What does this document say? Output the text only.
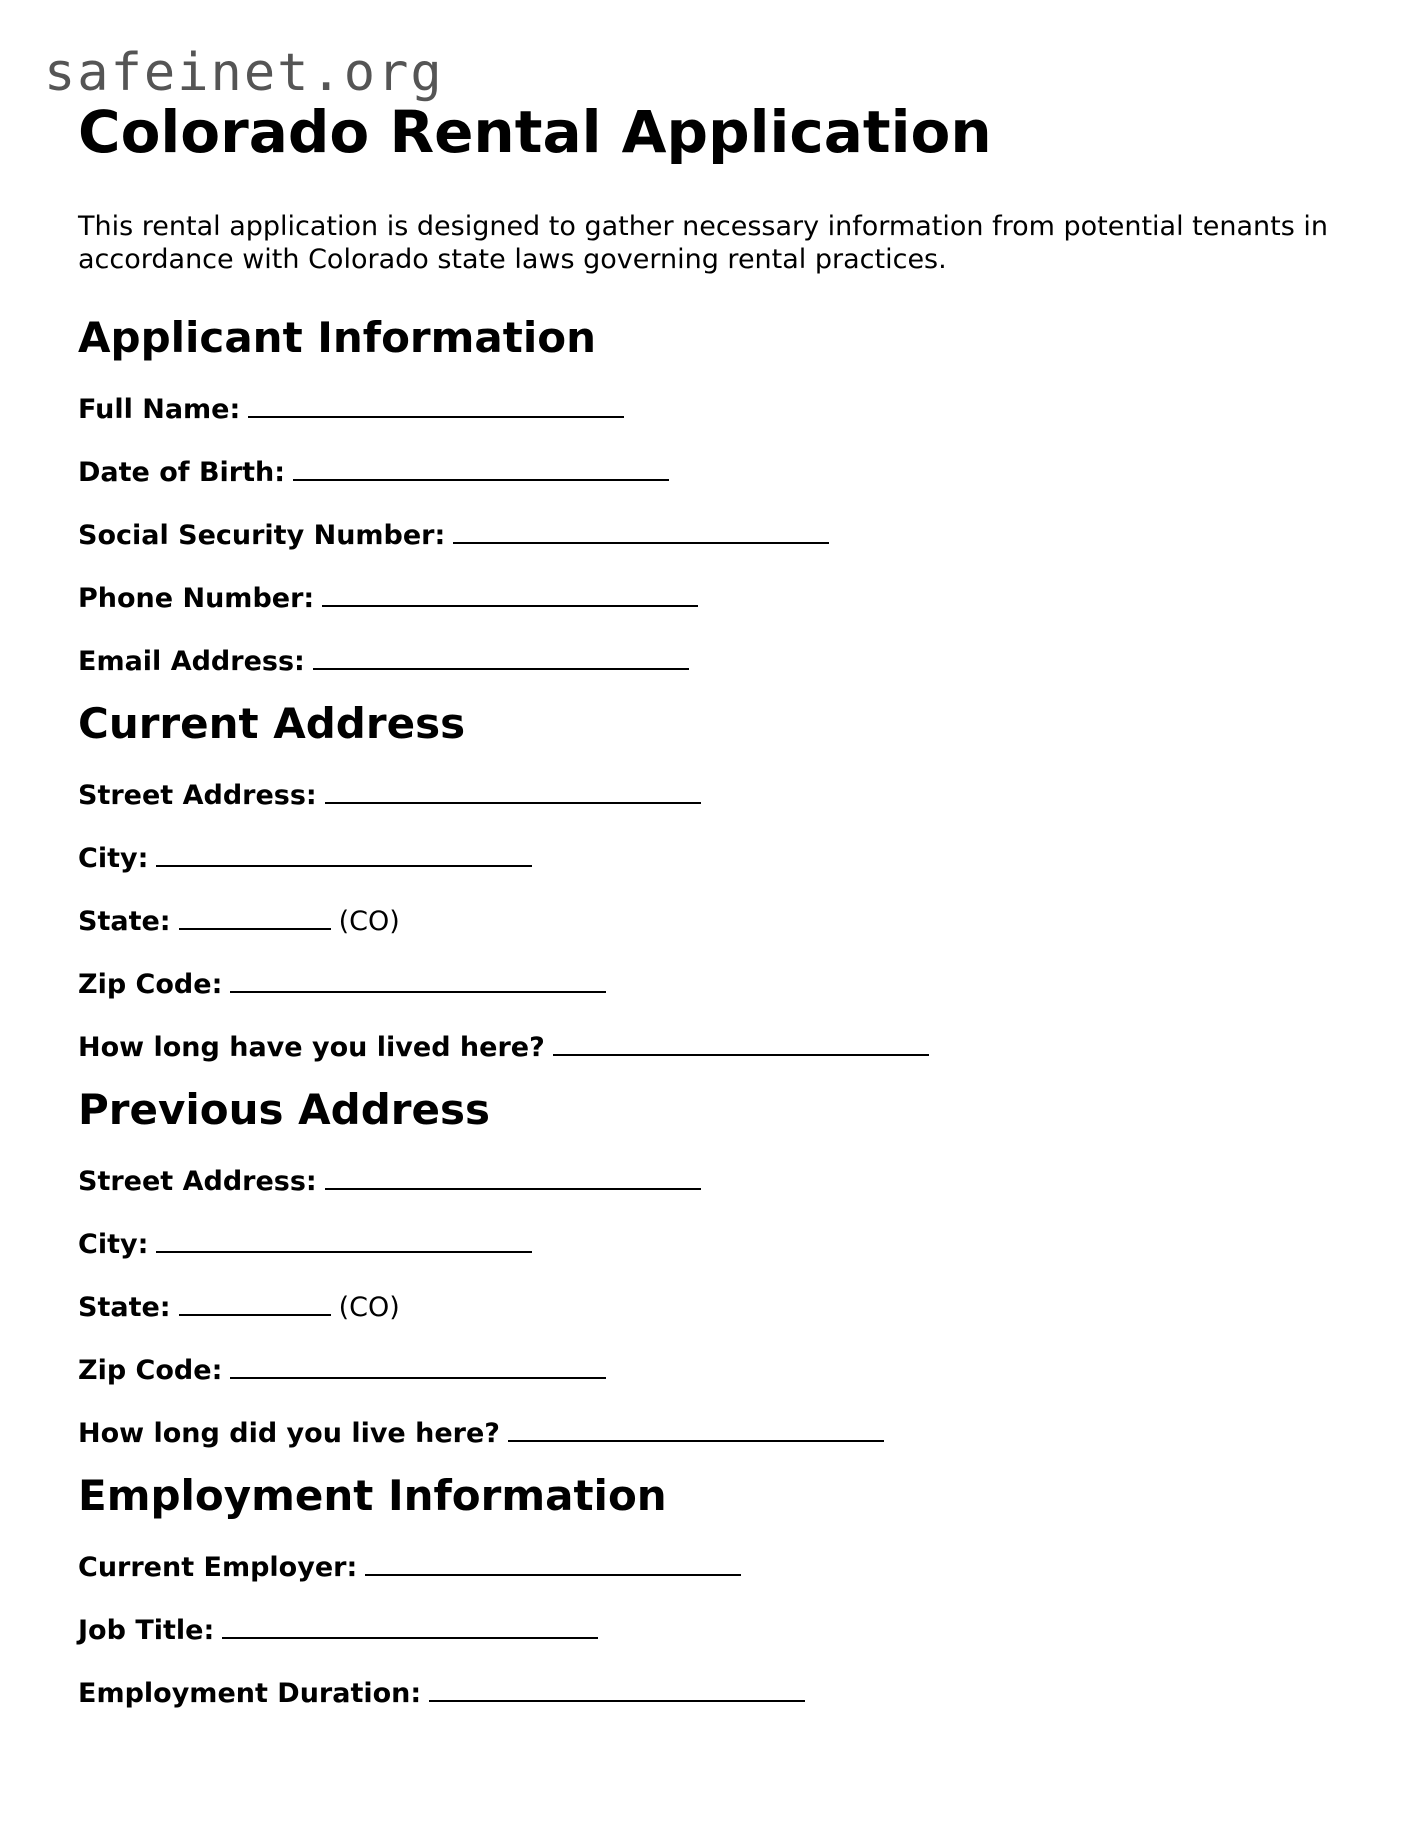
safeinet.org
Colorado Rental Application

This rental application is designed to gather necessary information from potential tenants in accordance with Colorado state laws governing rental practices.

Applicant Information
Full Name:
Date of Birth:
Social Security Number:
Phone Number:
Email Address:
Current Address
Street Address:
City:
State:	(CO)
Zip Code:
How long have you lived here?
Previous Address
Street Address:
City:
State:	(CO)
Zip Code:
How long did you live here?
Employment Information
Current Employer:
Job Title:
Employment Duration:
